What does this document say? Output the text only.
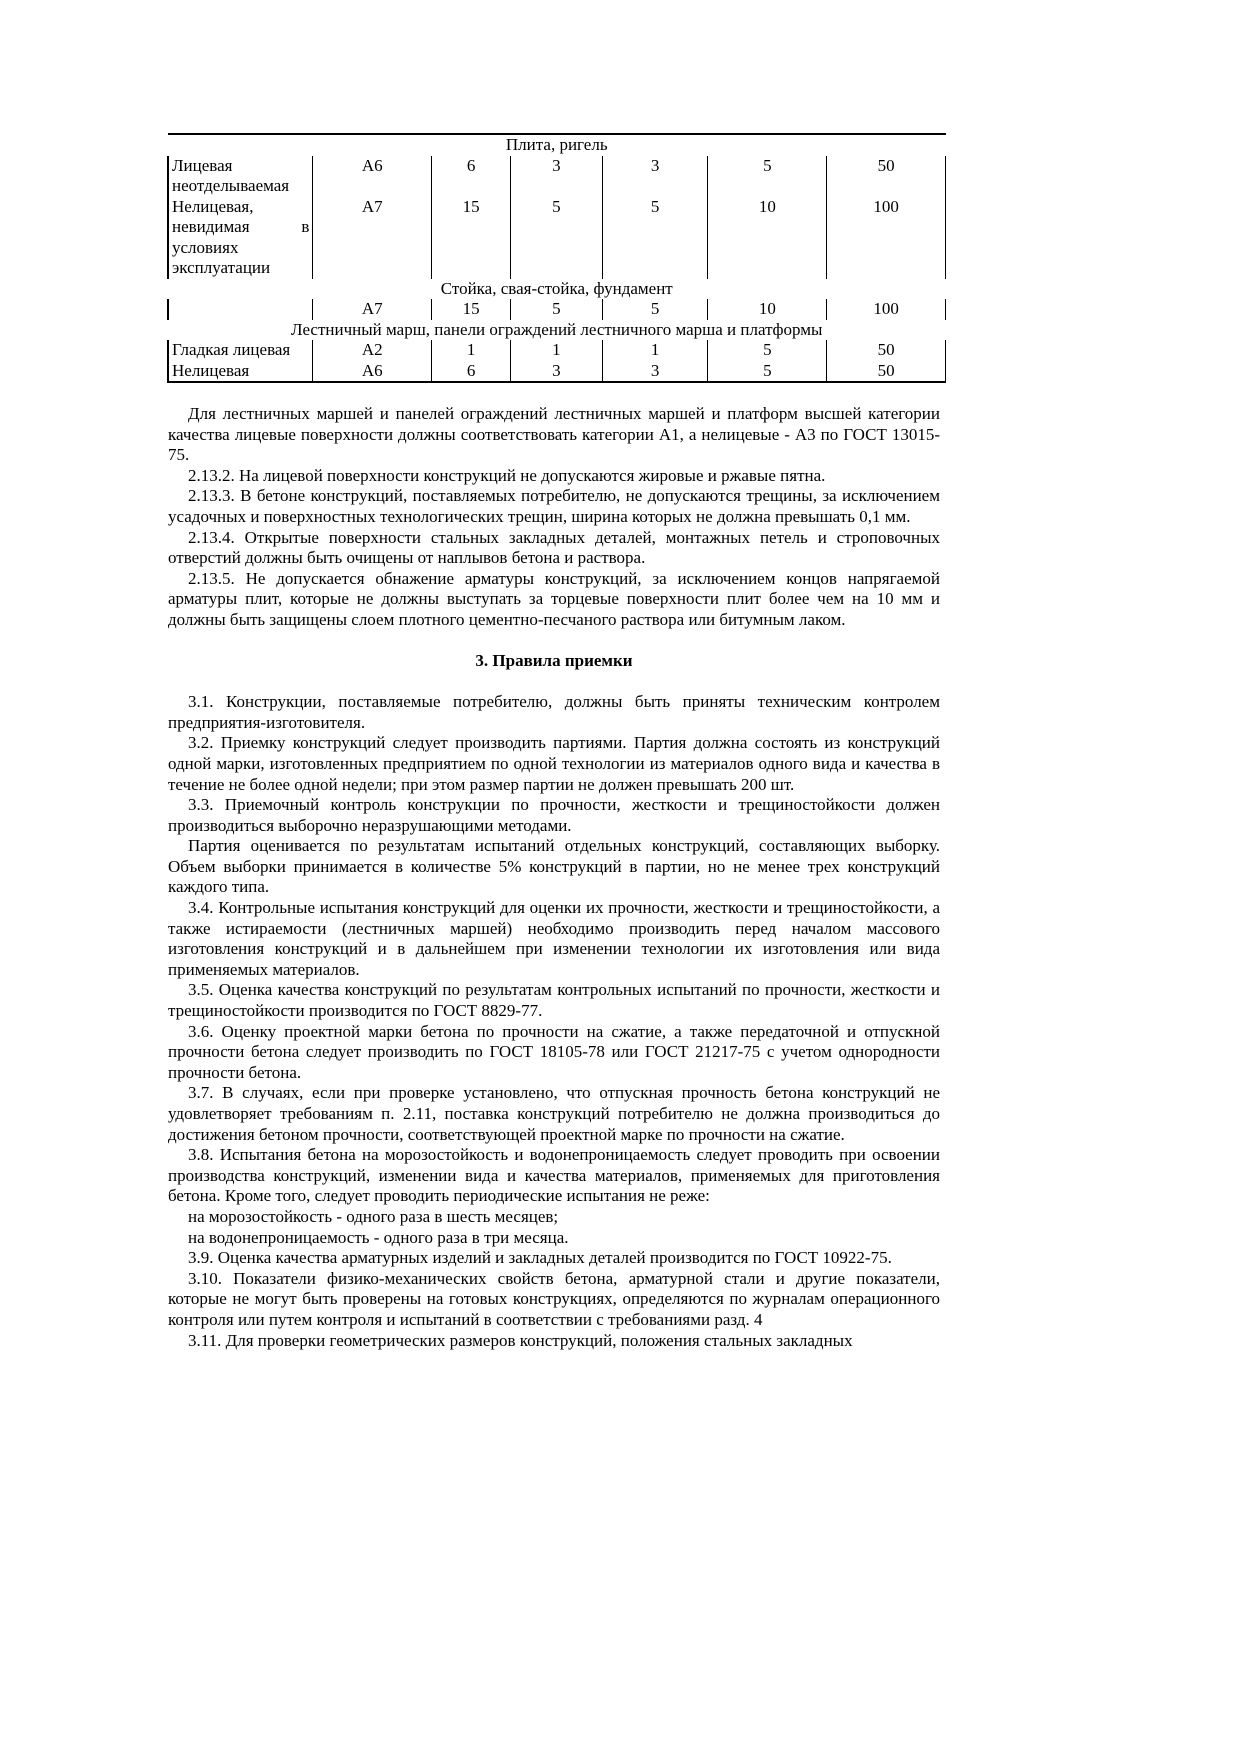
Плита, ригель						
Лицевая неотделываемая	А6	6	3	3	5	50
Нелицевая, невидимая в условиях эксплуатации	А7	15	5	5	10	100
Стойка, свая-стойка, фундамент						
	А7	15	5	5	10	100
Лестничный марш, панели ограждений лестничного марша и платформы						
Гладкая лицевая	А2	1	1	1	5	50
Нелицевая	А6	6	3	3	5	50

Для лестничных маршей и панелей ограждений лестничных маршей и платформ высшей категории качества лицевые поверхности должны соответствовать категории А1, а нелицевые - А3 по ГОСТ 13015-75.

2.13.2. На лицевой поверхности конструкций не допускаются жировые и ржавые пятна.

2.13.3. В бетоне конструкций, поставляемых потребителю, не допускаются трещины, за исключением усадочных и поверхностных технологических трещин, ширина которых не должна превышать 0,1 мм.

2.13.4. Открытые поверхности стальных закладных деталей, монтажных петель и строповочных отверстий должны быть очищены от наплывов бетона и раствора.

2.13.5. Не допускается обнажение арматуры конструкций, за исключением концов напрягаемой арматуры плит, которые не должны выступать за торцевые поверхности плит более чем на 10 мм и должны быть защищены слоем плотного цементно-песчаного раствора или битумным лаком.

3. Правила приемки

3.1. Конструкции, поставляемые потребителю, должны быть приняты техническим контролем предприятия-изготовителя.

3.2. Приемку конструкций следует производить партиями. Партия должна состоять из конструкций одной марки, изготовленных предприятием по одной технологии из материалов одного вида и качества в течение не более одной недели; при этом размер партии не должен превышать 200 шт.

3.3. Приемочный контроль конструкции по прочности, жесткости и трещиностойкости должен производиться выборочно неразрушающими методами.

Партия оценивается по результатам испытаний отдельных конструкций, составляющих выборку. Объем выборки принимается в количестве 5% конструкций в партии, но не менее трех конструкций каждого типа.

3.4. Контрольные испытания конструкций для оценки их прочности, жесткости и трещиностойкости, а также истираемости (лестничных маршей) необходимо производить перед началом массового изготовления конструкций и в дальнейшем при изменении технологии их изготовления или вида применяемых материалов.

3.5. Оценка качества конструкций по результатам контрольных испытаний по прочности, жесткости и трещиностойкости производится по ГОСТ 8829-77.

3.6. Оценку проектной марки бетона по прочности на сжатие, а также передаточной и отпускной прочности бетона следует производить по ГОСТ 18105-78 или ГОСТ 21217-75 с учетом однородности прочности бетона.

3.7. В случаях, если при проверке установлено, что отпускная прочность бетона конструкций не удовлетворяет требованиям п. 2.11, поставка конструкций потребителю не должна производиться до достижения бетоном прочности, соответствующей проектной марке по прочности на сжатие.

3.8. Испытания бетона на морозостойкость и водонепроницаемость следует проводить при освоении производства конструкций, изменении вида и качества материалов, применяемых для приготовления бетона. Кроме того, следует проводить периодические испытания не реже:

на морозостойкость - одного раза в шесть месяцев;

на водонепроницаемость - одного раза в три месяца.

3.9. Оценка качества арматурных изделий и закладных деталей производится по ГОСТ 10922-75.

3.10. Показатели физико-механических свойств бетона, арматурной стали и другие показатели, которые не могут быть проверены на готовых конструкциях, определяются по журналам операционного контроля или путем контроля и испытаний в соответствии с требованиями разд. 4

3.11. Для проверки геометрических размеров конструкций, положения стальных закладных
